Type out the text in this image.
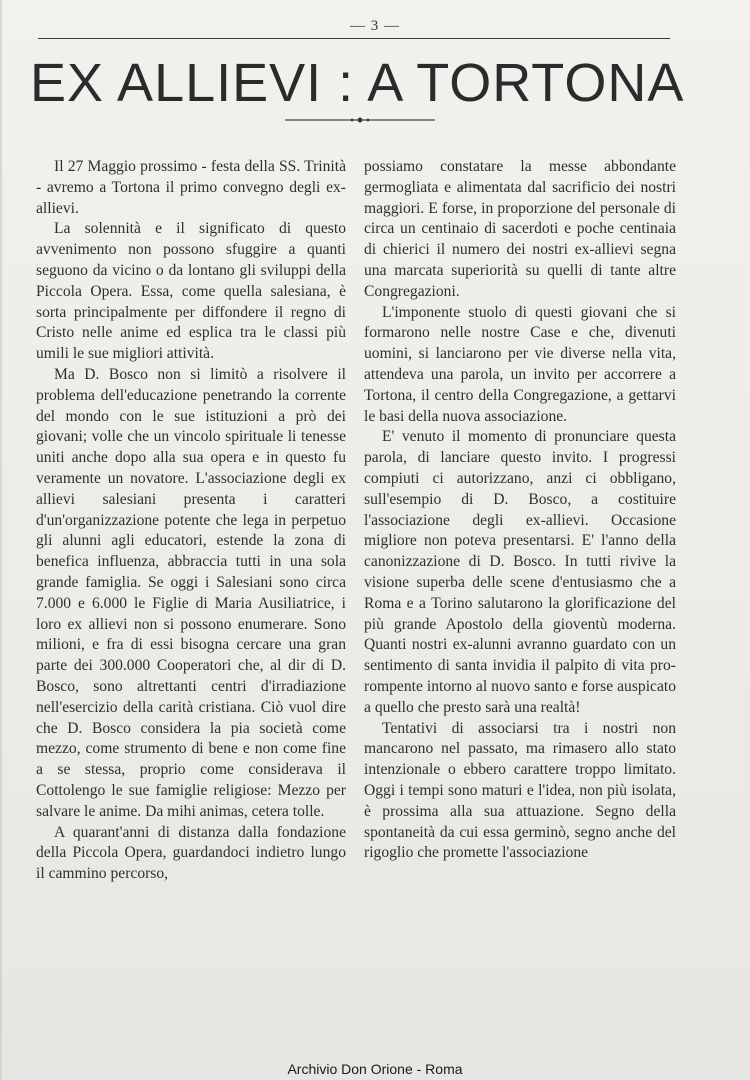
— 3 —
EX ALLIEVI : A TORTONA

Il 27 Maggio prossimo - festa della SS. Trinità - avremo a Tortona il primo convegno degli ex-allievi.

La solennità e il significato di questo avvenimento non possono sfuggire a quanti seguono da vicino o da lontano gli sviluppi della Piccola Opera. Essa, come quella salesiana, è sorta principalmente per diffondere il regno di Cristo nelle anime ed esplica tra le classi più umili le sue migliori attività.

Ma D. Bosco non si limitò a risolvere il problema dell'educazione penetrando la corrente del mondo con le sue istituzioni a prò dei giovani; volle che un vincolo spirituale li tenesse uniti anche dopo alla sua opera e in questo fu veramente un novatore. L'associazione degli ex allievi salesiani presenta i caratteri d'un'organizzazione potente che lega in perpetuo gli alunni agli educatori, estende la zona di benefica influenza, abbraccia tutti in una sola grande famiglia. Se oggi i Salesiani sono circa 7.000 e 6.000 le Figlie di Maria Ausiliatrice, i loro ex allievi non si possono enumerare. Sono milioni, e fra di essi bisogna cercare una gran parte dei 300.000 Cooperatori che, al dir di D. Bosco, sono altrettanti centri d'irradiazione nell'esercizio della carità cristiana. Ciò vuol dire che D. Bosco considera la pia società come mezzo, come strumento di bene e non come fine a se stessa, proprio come considerava il Cottolengo le sue famiglie religiose: Mezzo per salvare le anime. Da mihi animas, cetera tolle.

A quarant'anni di distanza dalla fondazione della Piccola Opera, guardandoci indietro lungo il cammino percorso,

possiamo constatare la messe abbondante germogliata e alimentata dal sacrificio dei nostri maggiori. E forse, in proporzione del personale di circa un centinaio di sacerdoti e poche centinaia di chierici il numero dei nostri ex-allievi segna una marcata superiorità su quelli di tante altre Congregazioni.

L'imponente stuolo di questi giovani che si formarono nelle nostre Case e che, divenuti uomini, si lanciarono per vie diverse nella vita, attendeva una parola, un invito per accorrere a Tortona, il centro della Congregazione, a gettarvi le basi della nuova associazione.

E' venuto il momento di pronunciare questa parola, di lanciare questo invito. I progressi compiuti ci autorizzano, anzi ci obbligano, sull'esempio di D. Bosco, a costituire l'associazione degli ex-allievi. Occasione migliore non poteva presentarsi. E' l'anno della canonizzazione di D. Bosco. In tutti rivive la visione superba delle scene d'entusiasmo che a Roma e a Torino salutarono la glorificazione del più grande Apostolo della gioventù moderna. Quanti nostri ex-alunni avranno guardato con un sentimento di santa invidia il palpito di vita prorompente intorno al nuovo santo e forse auspicato a quello che presto sarà una realtà!

Tentativi di associarsi tra i nostri non mancarono nel passato, ma rimasero allo stato intenzionale o ebbero carattere troppo limitato. Oggi i tempi sono maturi e l'idea, non più isolata, è prossima alla sua attuazione. Segno della spontaneità da cui essa germinò, segno anche del rigoglio che promette l'associazione

Archivio Don Orione - Roma
